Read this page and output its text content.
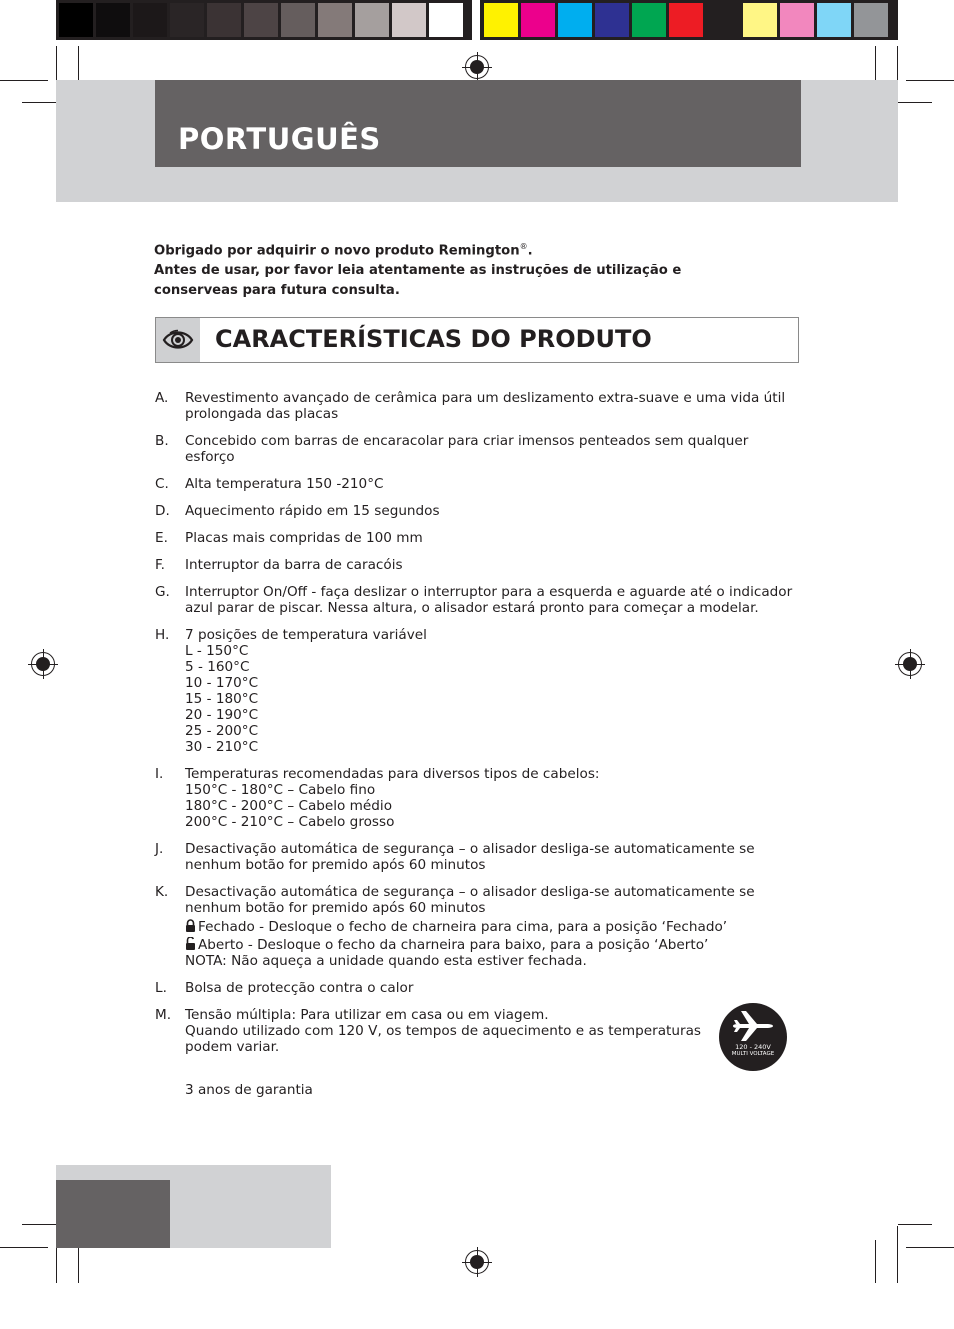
PORTUGUÊS
Obrigado por adquirir o novo produto Remington®.
Antes de usar, por favor leia atentamente as instruções de utilização e
conserveas para futura consulta.
CARACTERÍSTICAS DO PRODUTO
A. Revestimento avançado de cerâmica para um deslizamento extra-suave e uma vida útil
prolongada das placas
B. Concebido com barras de encaracolar para criar imensos penteados sem qualquer
esforço
C. Alta temperatura 150 -210°C
D. Aquecimento rápido em 15 segundos
E. Placas mais compridas de 100 mm
F. Interruptor da barra de caracóis
G. Interruptor On/Off - faça deslizar o interruptor para a esquerda e aguarde até o indicador
azul parar de piscar. Nessa altura, o alisador estará pronto para começar a modelar.
H. 7 posições de temperatura variável
L - 150°C
5 - 160°C
10 - 170°C
15 - 180°C
20 - 190°C
25 - 200°C
30 - 210°C
I. Temperaturas recomendadas para diversos tipos de cabelos:
150°C - 180°C – Cabelo fino
180°C - 200°C – Cabelo médio
200°C - 210°C – Cabelo grosso
J. Desactivação automática de segurança – o alisador desliga-se automaticamente se
nenhum botão for premido após 60 minutos
K. Desactivação automática de segurança – o alisador desliga-se automaticamente se
nenhum botão for premido após 60 minutos
Fechado - Desloque o fecho de charneira para cima, para a posição ‘Fechado’
Aberto - Desloque o fecho da charneira para baixo, para a posição ‘Aberto’
NOTA: Não aqueça a unidade quando esta estiver fechada.
L. Bolsa de protecção contra o calor
M. Tensão múltipla: Para utilizar em casa ou em viagem.
Quando utilizado com 120 V, os tempos de aquecimento e as temperaturas
podem variar.
3 anos de garantia
120 - 240V
MULTI VOLTAGE
